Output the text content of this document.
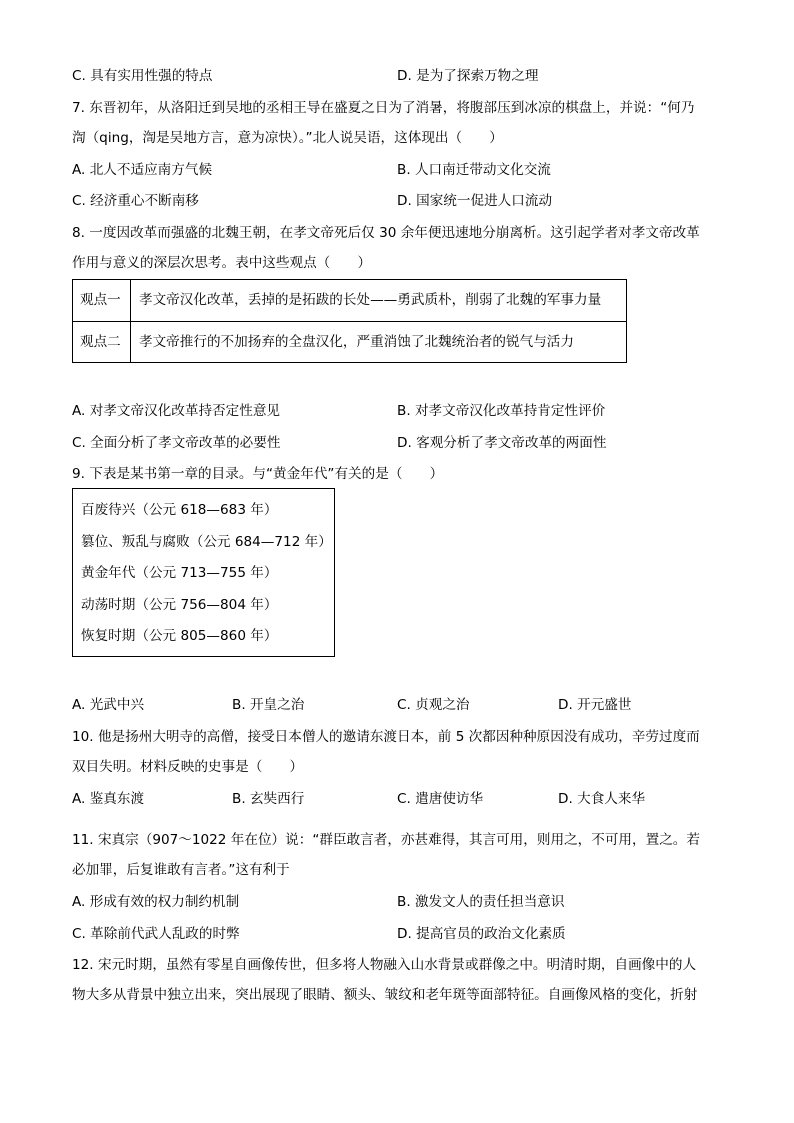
C. 具有实用性强的特点	D. 是为了探索万物之理
7. 东晋初年，从洛阳迁到吴地的丞相王导在盛夏之日为了消暑，将腹部压到冰凉的棋盘上，并说：“何乃
渹（qing，渹是吴地方言，意为凉快）。”北人说吴语，这体现出（　　）
A. 北人不适应南方气候	B. 人口南迁带动文化交流
C. 经济重心不断南移	D. 国家统一促进人口流动
8. 一度因改革而强盛的北魏王朝，在孝文帝死后仅 30 余年便迅速地分崩离析。这引起学者对孝文帝改革
作用与意义的深层次思考。表中这些观点（　　）
观点一	孝文帝汉化改革，丢掉的是拓跋的长处——勇武质朴，削弱了北魏的军事力量
观点二	孝文帝推行的不加扬弃的全盘汉化，严重消蚀了北魏统治者的锐气与活力
A. 对孝文帝汉化改革持否定性意见	B. 对孝文帝汉化改革持肯定性评价
C. 全面分析了孝文帝改革的必要性	D. 客观分析了孝文帝改革的两面性
9. 下表是某书第一章的目录。与“黄金年代”有关的是（　　）
百废待兴（公元 618—683 年）
篡位、叛乱与腐败（公元 684—712 年）
黄金年代（公元 713—755 年）
动荡时期（公元 756—804 年）
恢复时期（公元 805—860 年）
A. 光武中兴	B. 开皇之治	C. 贞观之治	D. 开元盛世
10. 他是扬州大明寺的高僧，接受日本僧人的邀请东渡日本，前 5 次都因种种原因没有成功，辛劳过度而
双目失明。材料反映的史事是（　　）
A. 鉴真东渡	B. 玄奘西行	C. 遣唐使访华	D. 大食人来华
11. 宋真宗（907～1022 年在位）说：“群臣敢言者，亦甚难得，其言可用，则用之，不可用，置之。若
必加罪，后复谁敢有言者。”这有利于
A. 形成有效的权力制约机制	B. 激发文人的责任担当意识
C. 革除前代武人乱政的时弊	D. 提高官员的政治文化素质
12. 宋元时期，虽然有零星自画像传世，但多将人物融入山水背景或群像之中。明清时期，自画像中的人
物大多从背景中独立出来，突出展现了眼睛、额头、皱纹和老年斑等面部特征。自画像风格的变化，折射
